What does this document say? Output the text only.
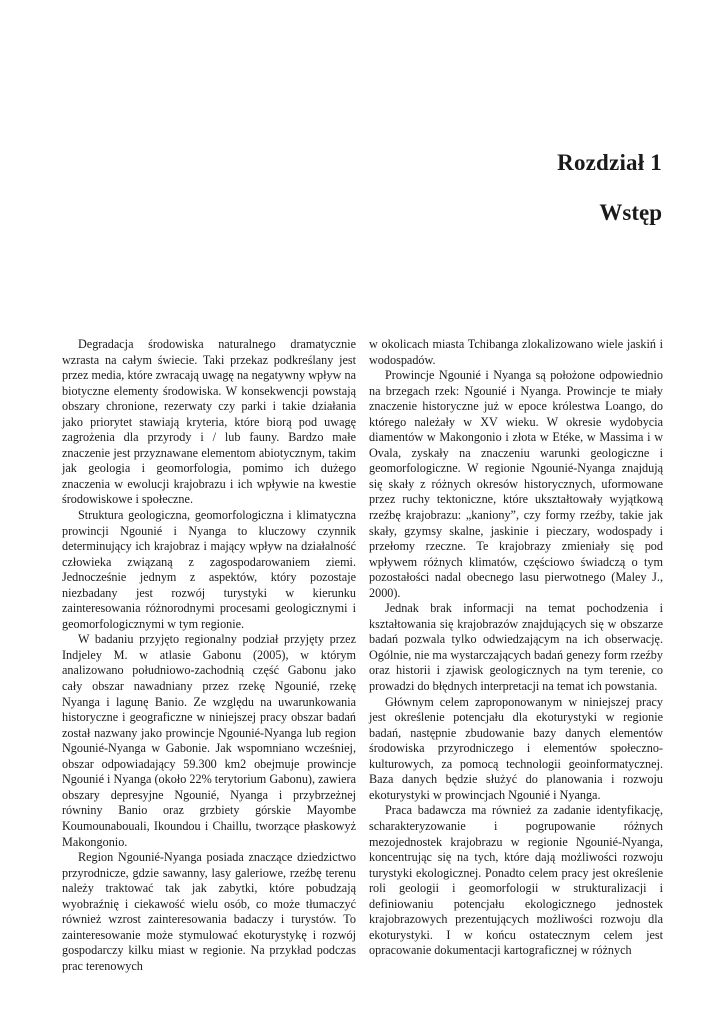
Rozdział 1
Wstęp

Degradacja środowiska naturalnego dramatycznie wzrasta na całym świecie. Taki przekaz podkreślany jest przez media, które zwracają uwagę na negatywny wpływ na biotyczne elementy środowiska. W konsekwencji powstają obszary chronione, rezerwaty czy parki i takie działania jako priorytet stawiają kryteria, które biorą pod uwagę zagrożenia dla przyrody i / lub fauny. Bardzo małe znaczenie jest przyznawane elementom abiotycznym, takim jak geologia i geomorfologia, pomimo ich dużego znaczenia w ewolucji krajobrazu i ich wpływie na kwestie środowiskowe i społeczne.

Struktura geologiczna, geomorfologiczna i klimatyczna prowincji Ngounié i Nyanga to kluczowy czynnik determinujący ich krajobraz i mający wpływ na działalność człowieka związaną z zagospodarowaniem ziemi. Jednocześnie jednym z aspektów, który pozostaje niezbadany jest rozwój turystyki w kierunku zainteresowania różnorodnymi procesami geologicznymi i geomorfologicznymi w tym regionie.

W badaniu przyjęto regionalny podział przyjęty przez Indjeley M. w atlasie Gabonu (2005), w którym analizowano południowo-zachodnią część Gabonu jako cały obszar nawadniany przez rzekę Ngounié, rzekę Nyanga i lagunę Banio. Ze względu na uwarunkowania historyczne i geograficzne w niniejszej pracy obszar badań został nazwany jako prowincje Ngounié-Nyanga lub region Ngounié-Nyanga w Gabonie. Jak wspomniano wcześniej, obszar odpowiadający 59.300 km2 obejmuje prowincje Ngounié i Nyanga (około 22% terytorium Gabonu), zawiera obszary depresyjne Ngounié, Nyanga i przybrzeżnej równiny Banio oraz grzbiety górskie Mayombe Koumounabouali, Ikoundou i Chaillu, tworzące płaskowyż Makongonio.

Region Ngounié-Nyanga posiada znaczące dziedzictwo przyrodnicze, gdzie sawanny, lasy galeriowe, rzeźbę terenu należy traktować tak jak zabytki, które pobudzają wyobraźnię i ciekawość wielu osób, co może tłumaczyć również wzrost zainteresowania badaczy i turystów. To zainteresowanie może stymulować ekoturystykę i rozwój gospodarczy kilku miast w regionie. Na przykład podczas prac terenowych

w okolicach miasta Tchibanga zlokalizowano wiele jaskiń i wodospadów.

Prowincje Ngounié i Nyanga są położone odpowiednio na brzegach rzek: Ngounié i Nyanga. Prowincje te miały znaczenie historyczne już w epoce królestwa Loango, do którego należały w XV wieku. W okresie wydobycia diamentów w Makongonio i złota w Etéke, w Massima i w Ovala, zyskały na znaczeniu warunki geologiczne i geomorfologiczne. W regionie Ngounié-Nyanga znajdują się skały z różnych okresów historycznych, uformowane przez ruchy tektoniczne, które ukształtowały wyjątkową rzeźbę krajobrazu: „kaniony”, czy formy rzeźby, takie jak skały, gzymsy skalne, jaskinie i pieczary, wodospady i przełomy rzeczne. Te krajobrazy zmieniały się pod wpływem różnych klimatów, częściowo świadczą o tym pozostałości nadal obecnego lasu pierwotnego (Maley J., 2000).

Jednak brak informacji na temat pochodzenia i kształtowania się krajobrazów znajdujących się w obszarze badań pozwala tylko odwiedzającym na ich obserwację. Ogólnie, nie ma wystarczających badań genezy form rzeźby oraz historii i zjawisk geologicznych na tym terenie, co prowadzi do błędnych interpretacji na temat ich powstania.

Głównym celem zaproponowanym w niniejszej pracy jest określenie potencjału dla ekoturystyki w regionie badań, następnie zbudowanie bazy danych elementów środowiska przyrodniczego i elementów społeczno-kulturowych, za pomocą technologii geoinformatycznej. Baza danych będzie służyć do planowania i rozwoju ekoturystyki w prowincjach Ngounié i Nyanga.

Praca badawcza ma również za zadanie identyfikację, scharakteryzowanie i pogrupowanie różnych mezojednostek krajobrazu w regionie Ngounié-Nyanga, koncentrując się na tych, które dają możliwości rozwoju turystyki ekologicznej. Ponadto celem pracy jest określenie roli geologii i geomorfologii w strukturalizacji i definiowaniu potencjału ekologicznego jednostek krajobrazowych prezentujących możliwości rozwoju dla ekoturystyki. I w końcu ostatecznym celem jest opracowanie dokumentacji kartograficznej w różnych
